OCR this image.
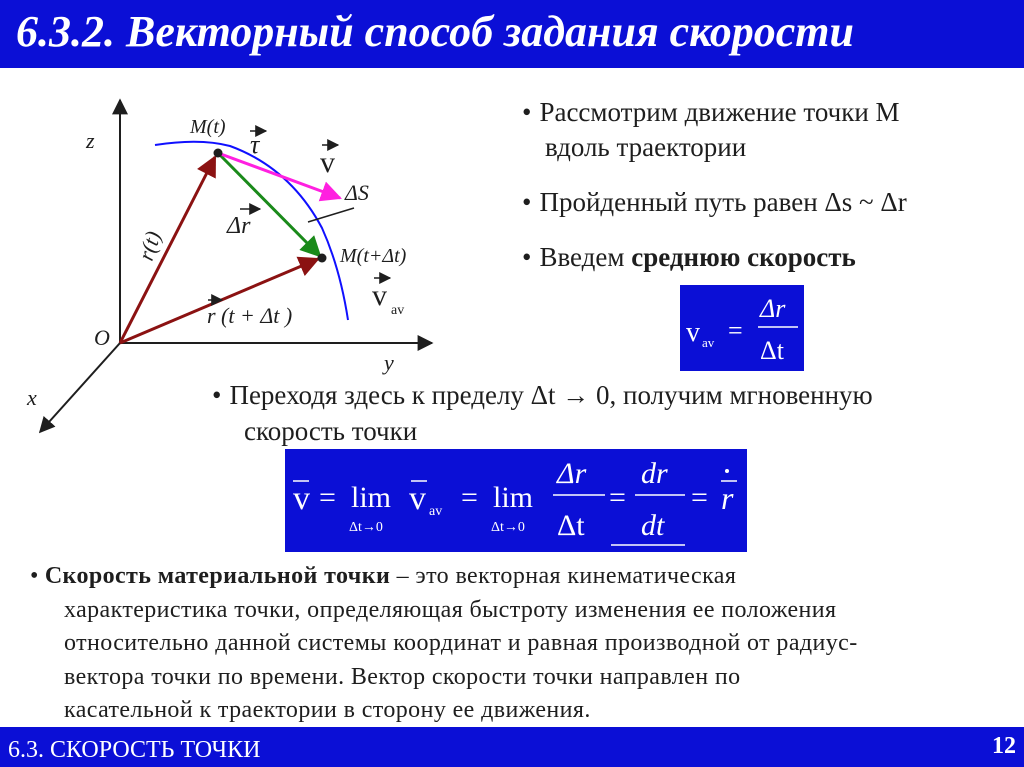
6.3.2. Векторный способ задания скорости
z
y
x
O
M(t)
τ
v
ΔS
Δr
M(t+Δt)
v av
r(t)
r (t + Δt )
• Рассмотрим движение точки M
вдоль траектории
• Пройденный путь равен Δs ~ Δr
• Введем среднюю скорость
v av =
Δr
Δt
• Переходя здесь к пределу Δt → 0, получим мгновенную
скорость точки
v = lim
Δt→0
v av = lim
Δt→0
Δr
Δt
=
dr
dt
= r

• Скорость материальной точки – это векторная кинематическая

характеристика точки, определяющая быстроту изменения ее положения

относительно данной системы координат и равная производной от радиус-

вектора точки по времени. Вектор скорости точки направлен по

касательной к траектории в сторону ее движения.

6.3. СКОРОСТЬ ТОЧКИ	12
